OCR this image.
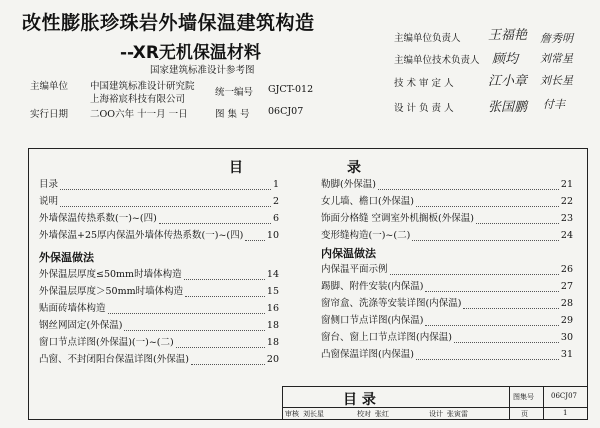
改性膨胀珍珠岩外墙保温建筑构造
--XR无机保温材料
国家建筑标准设计参考图
主编单位 中国建筑标准设计研究院
上海裕宸科技有限公司
统一编号 GJCT-012
实行日期 二OO六年 十一月 一日	图 集 号 06CJ07
主编单位负责人 王福艳 詹秀明
主编单位技术负责人 顾均 刘常星
技 术 审 定 人	江小章 刘长星
设 计 负 责 人	张国鹏 付丰
目	录
目录	1
说明	2
外墙保温传热系数(一)~(四)	6
外墙保温+25厚内保温外墙体传热系数(一)~(四) 10
外保温做法
外保温层厚度≤50mm时墙体构造	14
外保温层厚度＞50mm时墙体构造	15
贴面砖墙体构造	16
钢丝网固定(外保温)	18
窗口节点详图(外保温)(一)~(二)	18
凸窗、不封闭阳台保温详图(外保温)	20
勒脚(外保温)	21
女儿墙、檐口(外保温)	22
饰面分格缝 空调室外机搁板(外保温)	23
变形缝构造(一)~(二)	24
内保温做法
内保温平面示例	26
踢脚、附件安装(内保温)	27
窗帘盒、洗涤等安装详图(内保温)	28
窗侧口节点详图(内保温)	29
窗台、窗上口节点详图(内保温)	30
凸窗保温详图(内保温)	31
目 录	图集号 06CJ07
审核 刘长星	校对 张红	设计 张寅雷	页	1
